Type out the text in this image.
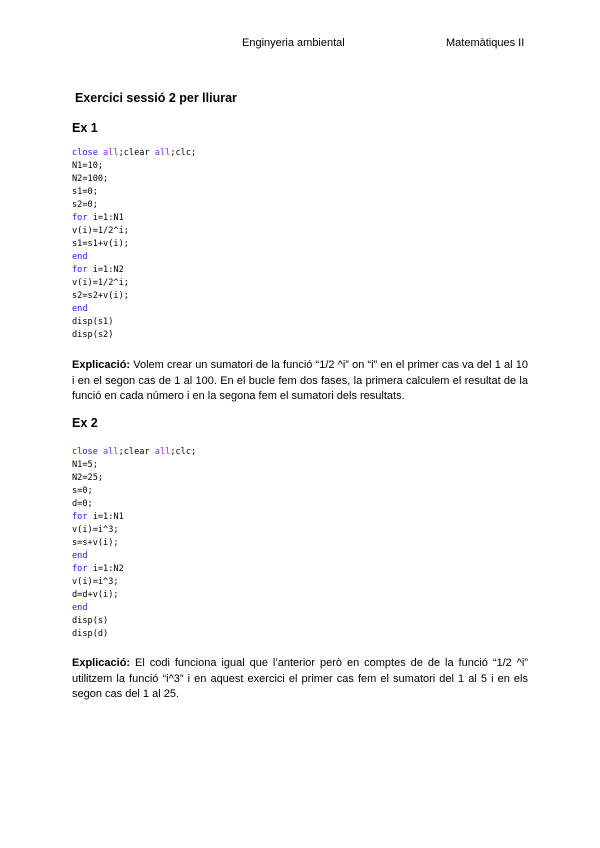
Enginyeria ambiental	Matemàtiques II
Exercici sessió 2 per lliurar
Ex 1
close all;clear all;clc;
N1=10;
N2=100;
s1=0;
s2=0;
for i=1:N1
v(i)=1/2^i;
s1=s1+v(i);
end
for i=1:N2
v(i)=1/2^i;
s2=s2+v(i);
end
disp(s1)
disp(s2)
Explicació: Volem crear un sumatori de la funció “1/2 ^i” on “i” en el primer cas va del 1 al 10 i en el segon cas de 1 al 100. En el bucle fem dos fases, la primera calculem el resultat de la funció en cada número i en la segona fem el sumatori dels resultats.
Ex 2
close all;clear all;clc;
N1=5;
N2=25;
s=0;
d=0;
for i=1:N1
v(i)=i^3;
s=s+v(i);
end
for i=1:N2
v(i)=i^3;
d=d+v(i);
end
disp(s)
disp(d)
Explicació: El codi funciona igual que l’anterior però en comptes de de la funció “1/2 ^i” utilitzem la funció “i^3” i en aquest exercici el primer cas fem el sumatori del 1 al 5 i en els segon cas del 1 al 25.
